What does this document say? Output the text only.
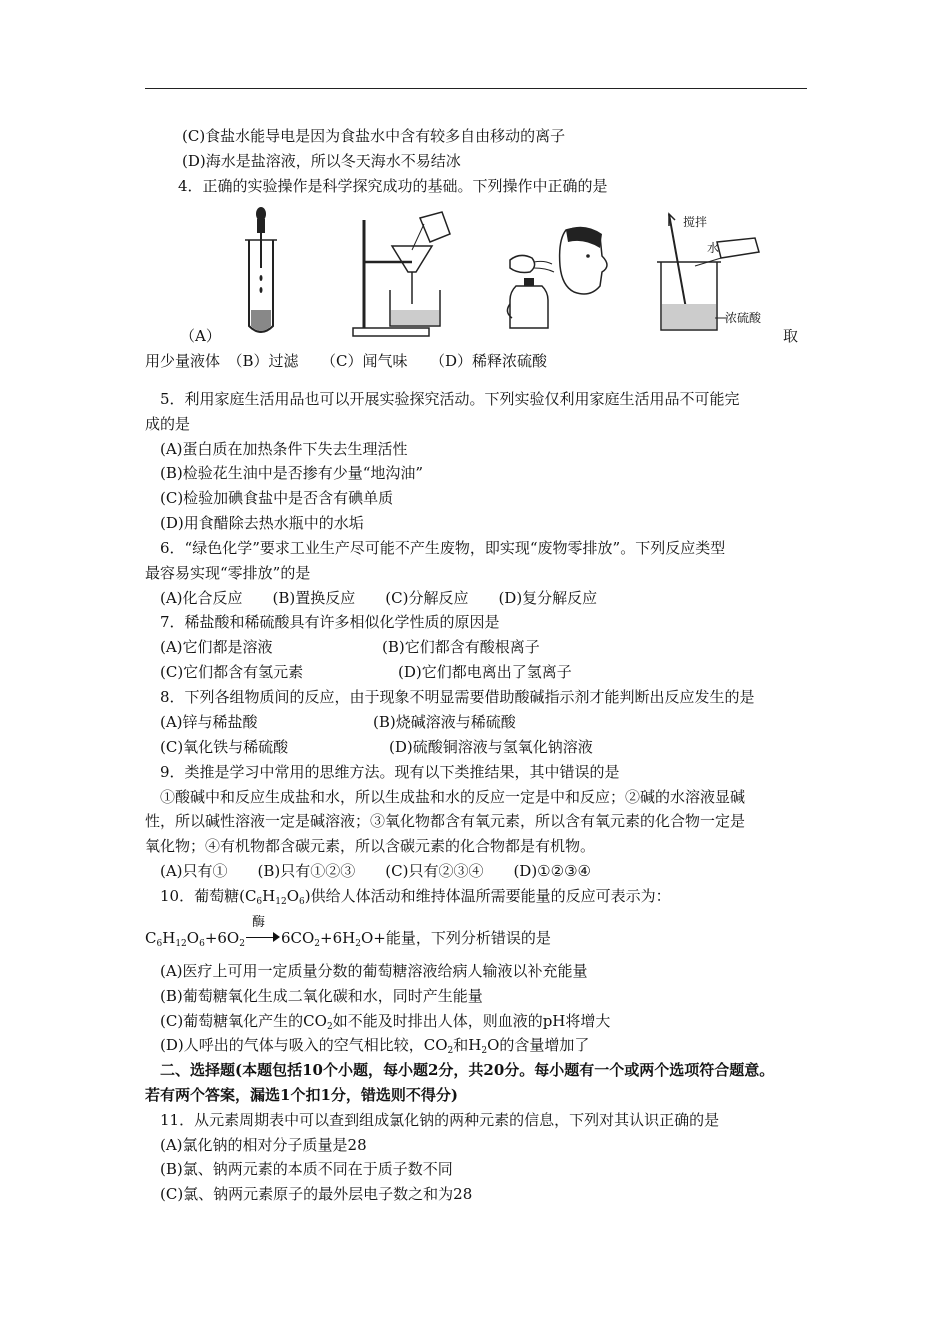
(C)食盐水能导电是因为食盐水中含有较多自由移动的离子
(D)海水是盐溶液，所以冬天海水不易结冰
4．正确的实验操作是科学探究成功的基础。下列操作中正确的是
搅拌
水
浓硫酸
（A）	取
用少量液体　（B）过滤　　（C）闻气味　　（D）稀释浓硫酸
5．利用家庭生活用品也可以开展实验探究活动。下列实验仅利用家庭生活用品不可能完
成的是
(A)蛋白质在加热条件下失去生理活性
(B)检验花生油中是否掺有少量“地沟油”
(C)检验加碘食盐中是否含有碘单质
(D)用食醋除去热水瓶中的水垢
6．“绿色化学”要求工业生产尽可能不产生废物，即实现“废物零排放”。下列反应类型
最容易实现“零排放”的是
(A)化合反应　　(B)置换反应　　(C)分解反应　　(D)复分解反应
7．稀盐酸和稀硫酸具有许多相似化学性质的原因是
(A)它们都是溶液	(B)它们都含有酸根离子
(C)它们都含有氢元素	(D)它们都电离出了氢离子
8．下列各组物质间的反应，由于现象不明显需要借助酸碱指示剂才能判断出反应发生的是
(A)锌与稀盐酸	(B)烧碱溶液与稀硫酸
(C)氧化铁与稀硫酸	(D)硫酸铜溶液与氢氧化钠溶液
9．类推是学习中常用的思维方法。现有以下类推结果，其中错误的是
①酸碱中和反应生成盐和水，所以生成盐和水的反应一定是中和反应；②碱的水溶液显碱
性，所以碱性溶液一定是碱溶液；③氧化物都含有氧元素，所以含有氧元素的化合物一定是
氧化物；④有机物都含碳元素，所以含碳元素的化合物都是有机物。
(A)只有①　　(B)只有①②③　　(C)只有②③④　　(D)①②③④
10．葡萄糖$(C_6H_{12}O_6)$供给人体活动和维持体温所需要能量的反应可表示为：
$C_6H_{12}O_6+6O_2$
酶
$6CO_2+6H_2O+$能量，下列分析错误的是
(A)医疗上可用一定质量分数的葡萄糖溶液给病人输液以补充能量
(B)葡萄糖氧化生成二氧化碳和水，同时产生能量
(C)葡萄糖氧化产生的$CO_2$如不能及时排出人体，则血液的pH将增大
(D)人呼出的气体与吸入的空气相比较，$CO_2$和$H_2O$的含量增加了
二、选择题(本题包括10个小题，每小题2分，共20分。每小题有一个或两个选项符合题意。
若有两个答案，漏选1个扣1分，错选则不得分)
11．从元素周期表中可以查到组成氯化钠的两种元素的信息，下列对其认识正确的是
(A)氯化钠的相对分子质量是28
(B)氯、钠两元素的本质不同在于质子数不同
(C)氯、钠两元素原子的最外层电子数之和为28
